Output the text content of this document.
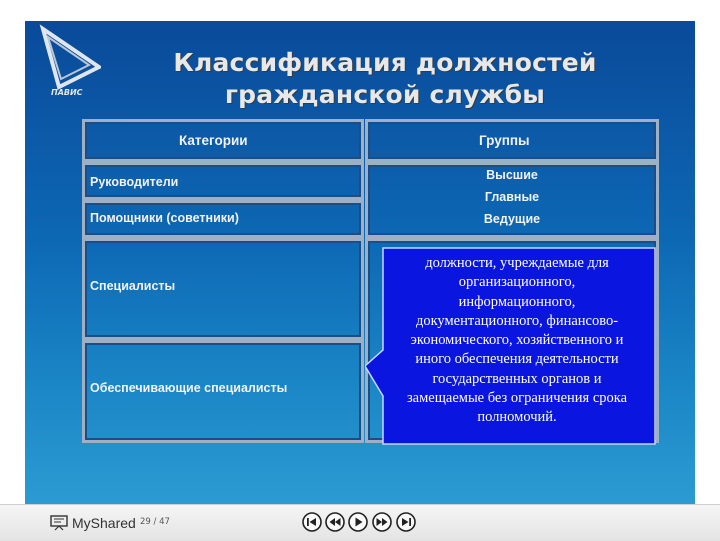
ПАВИС
Классификация должностей
гражданской службы
Категории	Группы
Руководители
Помощники (советники)
Специалисты
Обеспечивающие специалисты
Высшие
Главные
Ведущие
должности, учреждаемые для
организационного,
информационного,
документационного, финансово-
экономического, хозяйственного и
иного обеспечения деятельности
государственных органов и
замещаемые без ограничения срока
полномочий.
MyShared 29 / 47
